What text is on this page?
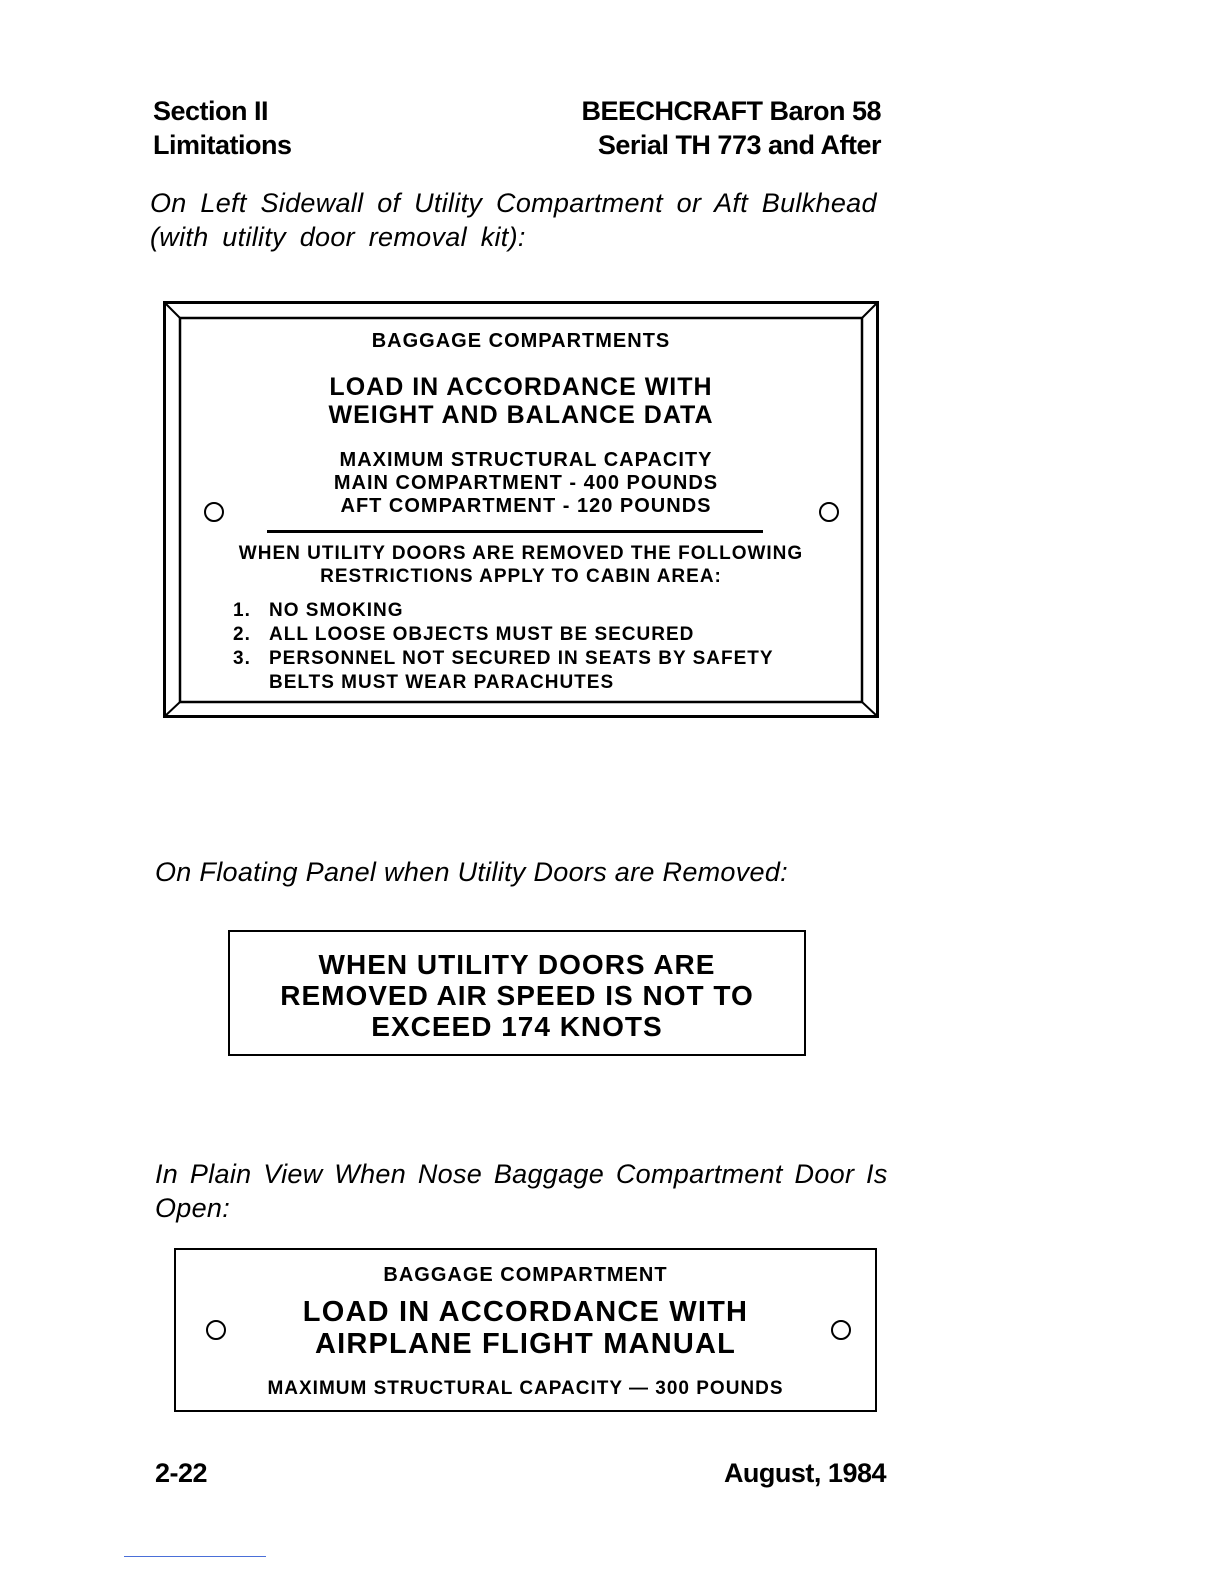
Section II
Limitations
BEECHCRAFT Baron 58
Serial TH 773 and After
On Left Sidewall of Utility Compartment or Aft Bulkhead (with utility door removal kit):
BAGGAGE COMPARTMENTS
LOAD IN ACCORDANCE WITH
WEIGHT AND BALANCE DATA
MAXIMUM STRUCTURAL CAPACITY
MAIN COMPARTMENT - 400 POUNDS
AFT COMPARTMENT - 120 POUNDS
WHEN UTILITY DOORS ARE REMOVED THE FOLLOWING
RESTRICTIONS APPLY TO CABIN AREA:
1. NO SMOKING
2. ALL LOOSE OBJECTS MUST BE SECURED
3. PERSONNEL NOT SECURED IN SEATS BY SAFETY BELTS MUST WEAR PARACHUTES
On Floating Panel when Utility Doors are Removed:
WHEN UTILITY DOORS ARE
REMOVED AIR SPEED IS NOT TO
EXCEED 174 KNOTS
In Plain View When Nose Baggage Compartment Door Is Open:
BAGGAGE COMPARTMENT
LOAD IN ACCORDANCE WITH
AIRPLANE FLIGHT MANUAL
MAXIMUM STRUCTURAL CAPACITY — 300 POUNDS
2-22	August, 1984
